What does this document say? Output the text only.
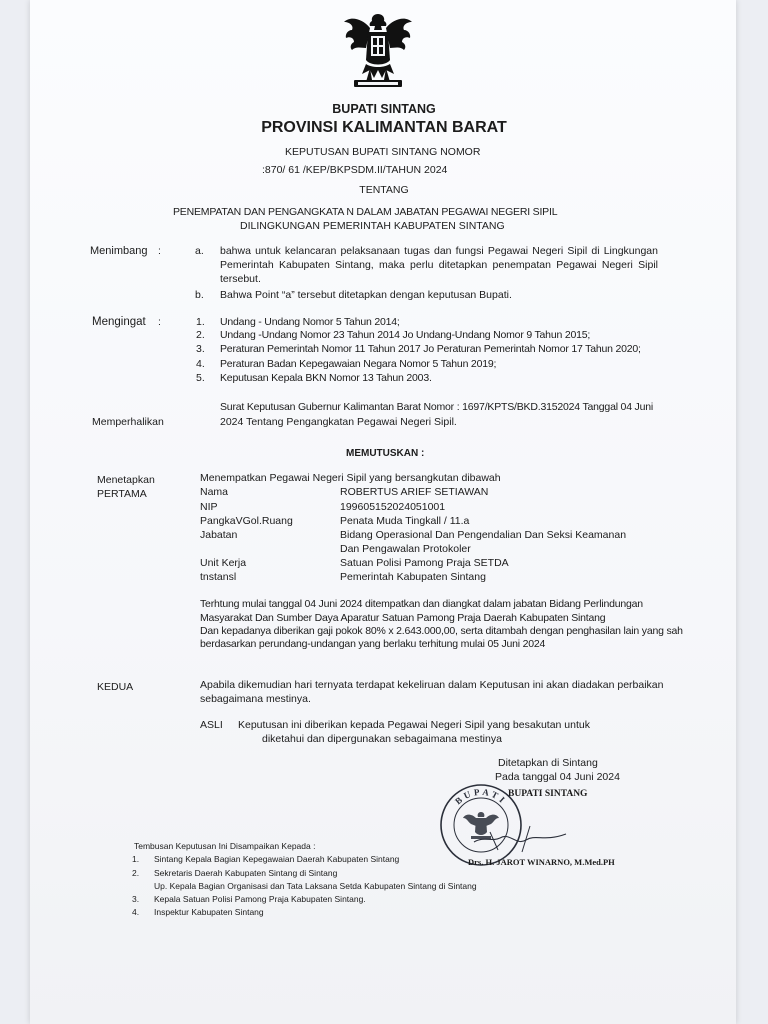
BUPATI SINTANG
PROVINSI KALIMANTAN BARAT
KEPUTUSAN BUPATI SINTANG NOMOR
:870/ 61 /KEP/BKPSDM.II/TAHUN 2024
TENTANG
PENEMPATAN DAN PENGANGKATA N DALAM JABATAN PEGAWAI NEGERI SIPIL
DILINGKUNGAN PEMERINTAH KABUPATEN SINTANG
Menimbang :	a. bahwa untuk kelancaran pelaksanaan tugas dan fungsi Pegawai Negeri Sipil di Lingkungan Pemerintah Kabupaten Sintang, maka perlu ditetapkan penempatan Pegawai Negeri Sipil tersebut.
b. Bahwa Point “a” tersebut ditetapkan dengan keputusan Bupati.
Mengingat :	1. Undang - Undang Nomor 5 Tahun 2014;
2. Undang -Undang Nomor 23 Tahun 2014 Jo Undang-Undang Nomor 9 Tahun 2015;
3. Peraturan Pemerintah Nomor 11 Tahun 2017 Jo Peraturan Pemerintah Nomor 17 Tahun 2020;
4. Peraturan Badan Kepegawaian Negara Nomor 5 Tahun 2019;
5. Keputusan Kepala BKN Nomor 13 Tahun 2003.
Memperhalikan
Surat Keputusan Gubernur Kalimantan Barat Nomor : 1697/KPTS/BKD.3152024 Tanggal 04 Juni
2024 Tentang Pengangkatan Pegawai Negeri Sipil.
MEMUTUSKAN :
Menetapkan
PERTAMA
Menempatkan Pegawai Negeri Sipil yang bersangkutan dibawah
Nama	ROBERTUS ARIEF SETIAWAN
NIP	199605152024051001
PangkaVGol.Ruang	Penata Muda Tingkall / 11.a
Jabatan	Bidang Operasional Dan Pengendalian Dan Seksi Keamanan
Dan Pengawalan Protokoler
Unit Kerja	Satuan Polisi Pamong Praja SETDA
tnstansl	Pemerintah Kabupaten Sintang
Terhtung mulai tanggal 04 Juni 2024 ditempatkan dan diangkat dalam jabatan Bidang Perlindungan
Masyarakat Dan Sumber Daya Aparatur Satuan Pamong Praja Daerah Kabupaten Sintang
Dan kepadanya diberikan gaji pokok 80% x 2.643.000,00, serta ditambah dengan penghasilan lain yang sah
berdasarkan perundang-undangan yang berlaku terhitung mulai 05 Juni 2024
KEDUA	Apabila dikemudian hari ternyata terdapat kekeliruan dalam Keputusan ini akan diadakan perbaikan
sebagaimana mestinya.
ASLI Keputusan ini diberikan kepada Pegawai Negeri Sipil yang besakutan untuk
diketahui dan dipergunakan sebagaimana mestinya
Ditetapkan di Sintang
Pada tanggal 04 Juni 2024
BUPATI SINTANG
BUPATI
Drs. H. JAROT WINARNO, M.Med.PH
Tembusan Keputusan Ini Disampaikan Kepada :
1. Sintang Kepala Bagian Kepegawaian Daerah Kabupaten Sintang
2. Sekretaris Daerah Kabupaten Sintang di Sintang
Up. Kepala Bagian Organisasi dan Tata Laksana Setda Kabupaten Sintang di Sintang
3. Kepala Satuan Polisi Pamong Praja Kabupaten Sintang.
4. Inspektur Kabupaten Sintang
